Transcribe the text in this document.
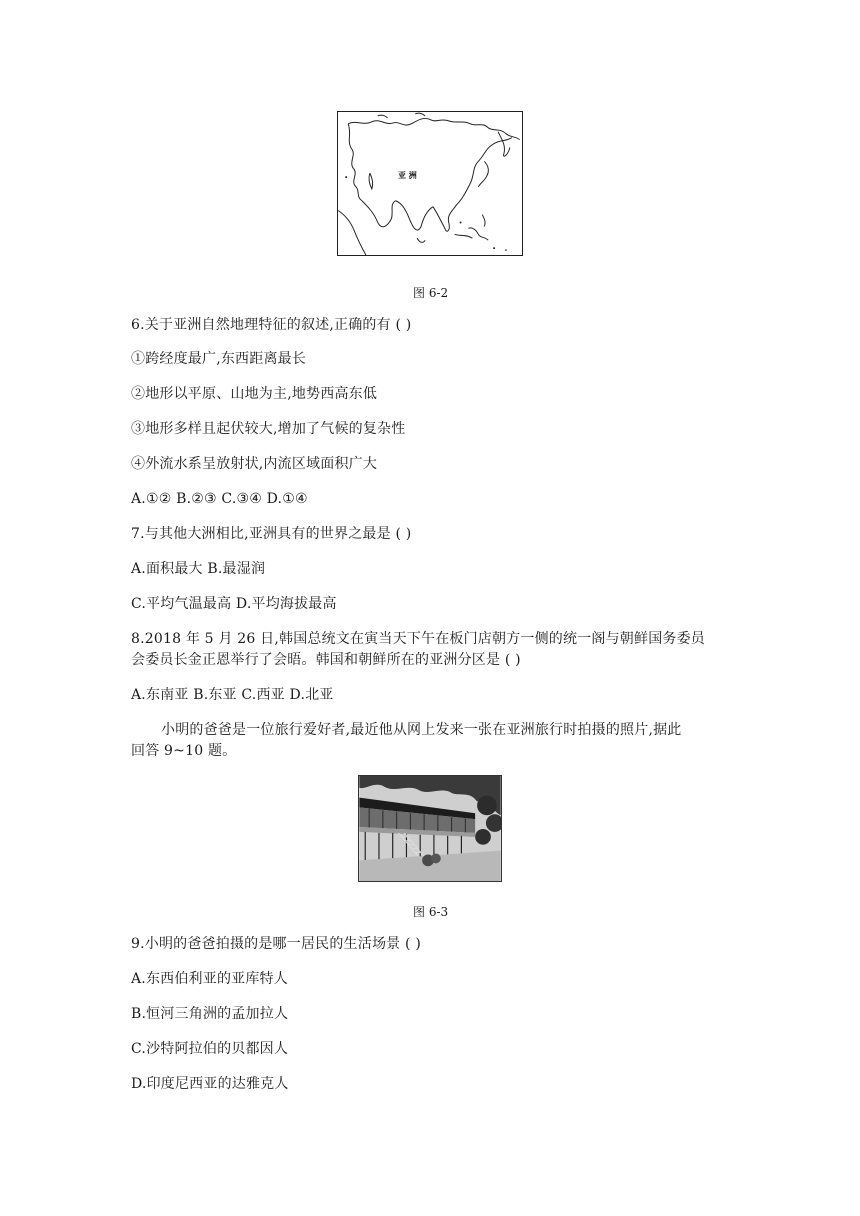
亚 洲
图 6-2
6.关于亚洲自然地理特征的叙述,正确的有 ( )
①跨经度最广,东西距离最长
②地形以平原、山地为主,地势西高东低
③地形多样且起伏较大,增加了气候的复杂性
④外流水系呈放射状,内流区域面积广大
A.①② B.②③ C.③④ D.①④
7.与其他大洲相比,亚洲具有的世界之最是 ( )
A.面积最大 B.最湿润
C.平均气温最高 D.平均海拔最高
8.2018 年 5 月 26 日,韩国总统文在寅当天下午在板门店朝方一侧的统一阁与朝鲜国务委员
会委员长金正恩举行了会晤。韩国和朝鲜所在的亚洲分区是 ( )
A.东南亚 B.东亚 C.西亚 D.北亚
小明的爸爸是一位旅行爱好者,最近他从网上发来一张在亚洲旅行时拍摄的照片,据此
回答 9~10 题。
图 6-3
9.小明的爸爸拍摄的是哪一居民的生活场景 ( )
A.东西伯利亚的亚库特人
B.恒河三角洲的孟加拉人
C.沙特阿拉伯的贝都因人
D.印度尼西亚的达雅克人
